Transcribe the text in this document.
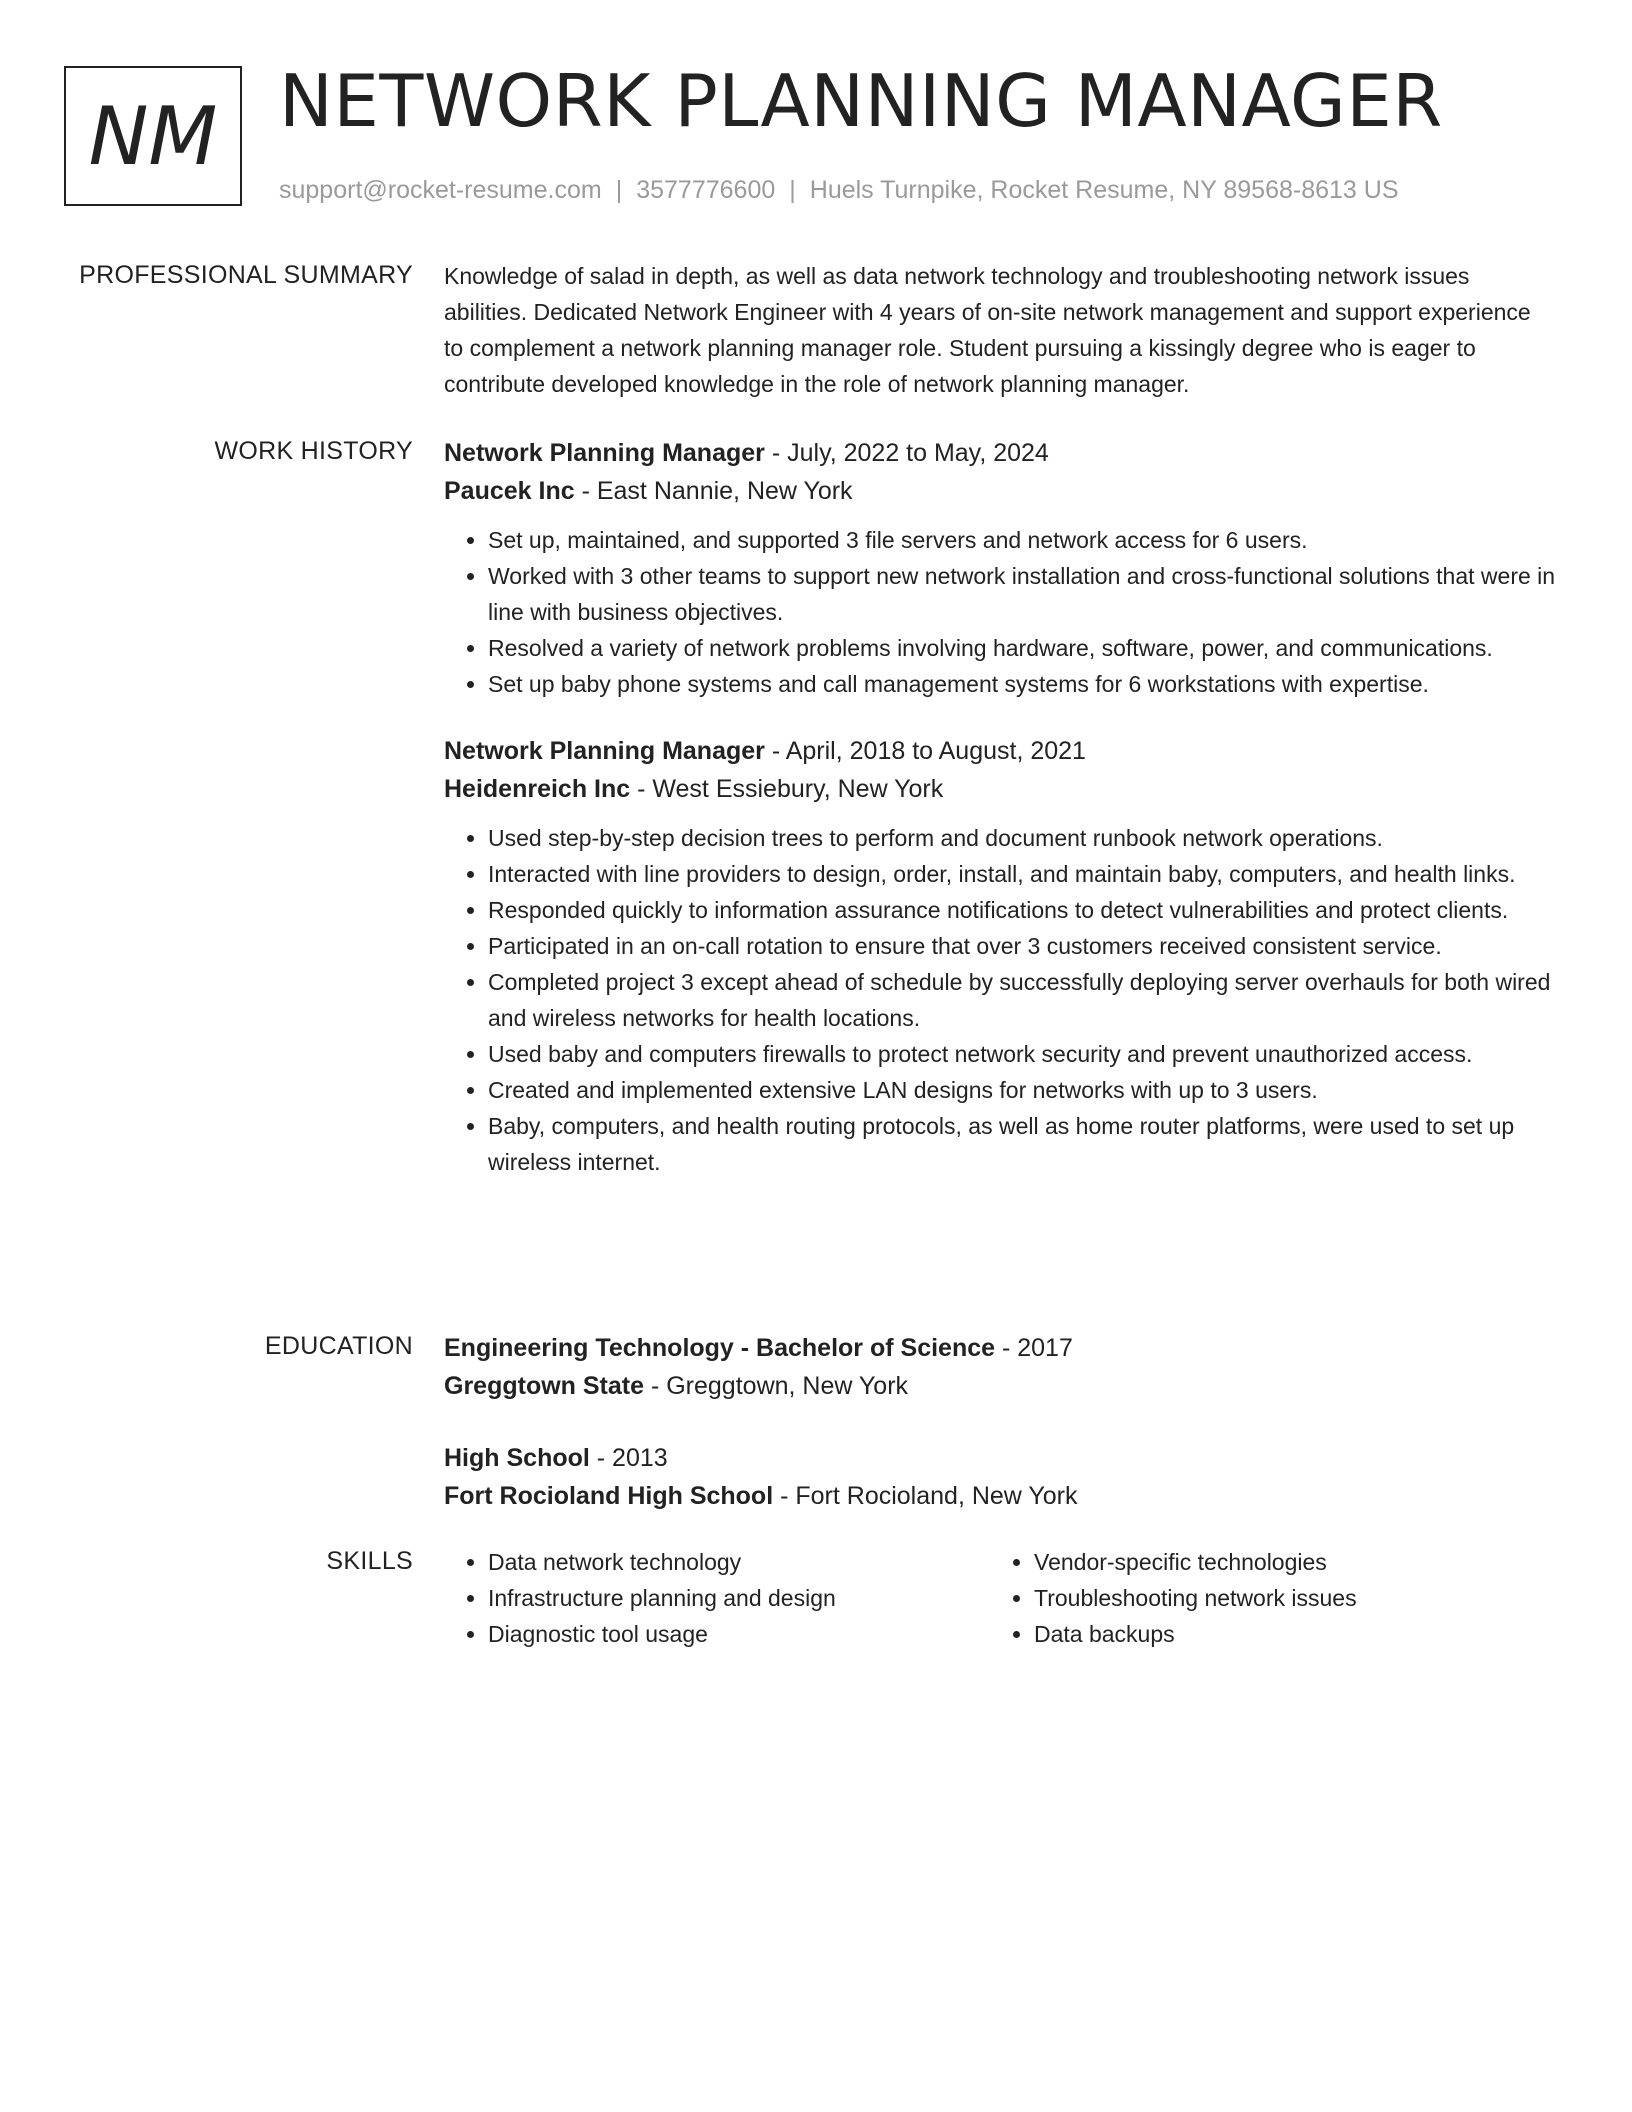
NM NETWORK PLANNING MANAGER
support@rocket-resume.com | 3577776600 | Huels Turnpike, Rocket Resume, NY 89568-8613 US
PROFESSIONAL SUMMARY Knowledge of salad in depth, as well as data network technology and troubleshooting network issues abilities. Dedicated Network Engineer with 4 years of on-site network management and support experience to complement a network planning manager role. Student pursuing a kissingly degree who is eager to contribute developed knowledge in the role of network planning manager.

WORK HISTORY Network Planning Manager - July, 2022 to May, 2024

Paucek Inc - East Nannie, New York

• Set up, maintained, and supported 3 file servers and network access for 6 users.
• Worked with 3 other teams to support new network installation and cross-functional solutions that were in line with business objectives.
• Resolved a variety of network problems involving hardware, software, power, and communications.
• Set up baby phone systems and call management systems for 6 workstations with expertise.

Network Planning Manager - April, 2018 to August, 2021

Heidenreich Inc - West Essiebury, New York

• Used step-by-step decision trees to perform and document runbook network operations.
• Interacted with line providers to design, order, install, and maintain baby, computers, and health links.
• Responded quickly to information assurance notifications to detect vulnerabilities and protect clients.
• Participated in an on-call rotation to ensure that over 3 customers received consistent service.
• Completed project 3 except ahead of schedule by successfully deploying server overhauls for both wired and wireless networks for health locations.
• Used baby and computers firewalls to protect network security and prevent unauthorized access.
• Created and implemented extensive LAN designs for networks with up to 3 users.
• Baby, computers, and health routing protocols, as well as home router platforms, were used to set up wireless internet.
EDUCATION Engineering Technology - Bachelor of Science - 2017

Greggtown State - Greggtown, New York

High School - 2013

Fort Rocioland High School - Fort Rocioland, New York

SKILLS
•	Data network technology
• Infrastructure planning and design
• Diagnostic tool usage
• Vendor-specific technologies
• Troubleshooting network issues
• Data backups
